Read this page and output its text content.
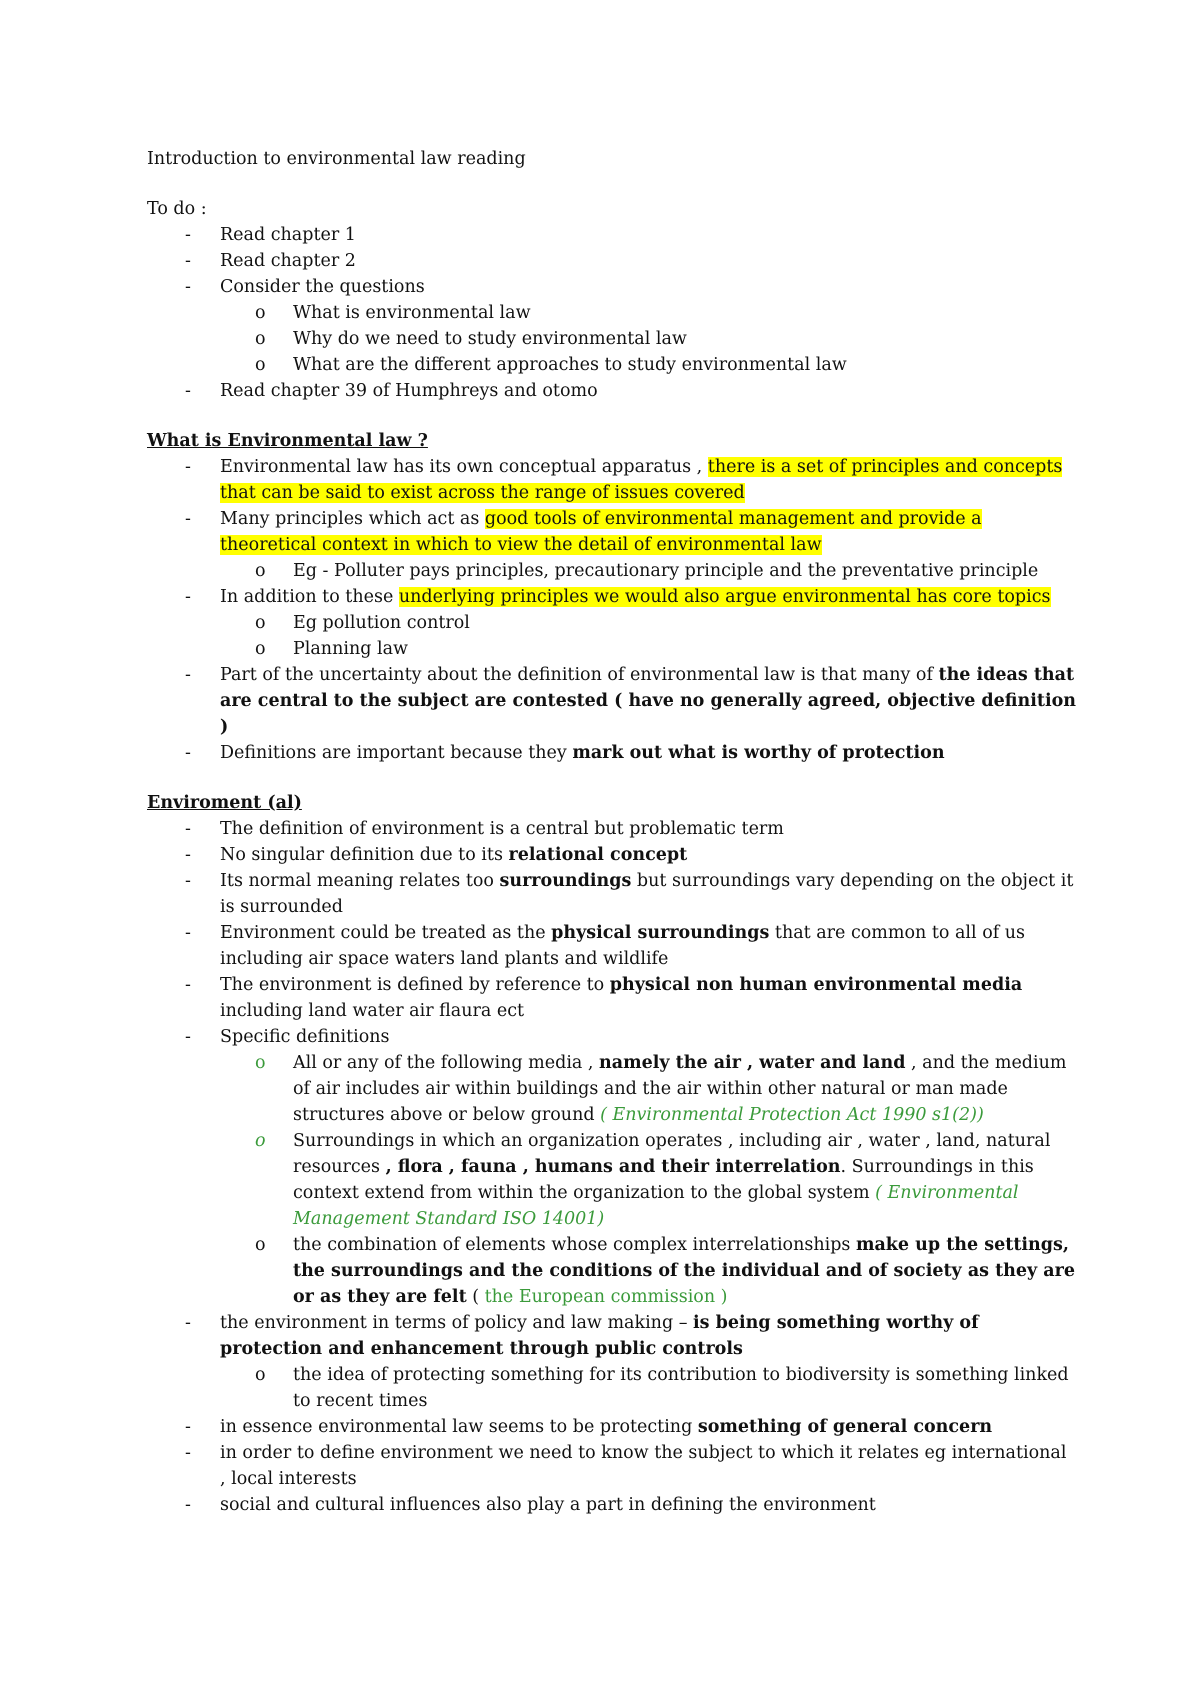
Introduction to environmental law reading

To do :

- Read chapter 1
- Read chapter 2
- Consider the questions
o What is environmental law
o Why do we need to study environmental law
o What are the different approaches to study environmental law
- Read chapter 39 of Humphreys and otomo

What is Environmental law ?

- Environmental law has its own conceptual apparatus , there is a set of principles and concepts that can be said to exist across the range of issues covered
- Many principles which act as good tools of environmental management and provide a theoretical context in which to view the detail of environmental law
o Eg - Polluter pays principles, precautionary principle and the preventative principle
- In addition to these underlying principles we would also argue environmental has core topics
o Eg pollution control
o Planning law
- Part of the uncertainty about the definition of environmental law is that many of the ideas that are central to the subject are contested ( have no generally agreed, objective definition )
- Definitions are important because they mark out what is worthy of protection

Enviroment (al)

- The definition of environment is a central but problematic term
- No singular definition due to its relational concept
- Its normal meaning relates too surroundings but surroundings vary depending on the object it is surrounded
- Environment could be treated as the physical surroundings that are common to all of us including air space waters land plants and wildlife
- The environment is defined by reference to physical non human environmental media including land water air flaura ect
- Specific definitions
o All or any of the following media , namely the air , water and land , and the medium of air includes air within buildings and the air within other natural or man made structures above or below ground ( Environmental Protection Act 1990 s1(2))
o Surroundings in which an organization operates , including air , water , land, natural resources , flora , fauna , humans and their interrelation. Surroundings in this context extend from within the organization to the global system ( Environmental Management Standard ISO 14001)
o the combination of elements whose complex interrelationships make up the settings, the surroundings and the conditions of the individual and of society as they are or as they are felt ( the European commission )
- the environment in terms of policy and law making – is being something worthy of protection and enhancement through public controls
o the idea of protecting something for its contribution to biodiversity is something linked to recent times
- in essence environmental law seems to be protecting something of general concern
- in order to define environment we need to know the subject to which it relates eg international , local interests
- social and cultural influences also play a part in defining the environment
